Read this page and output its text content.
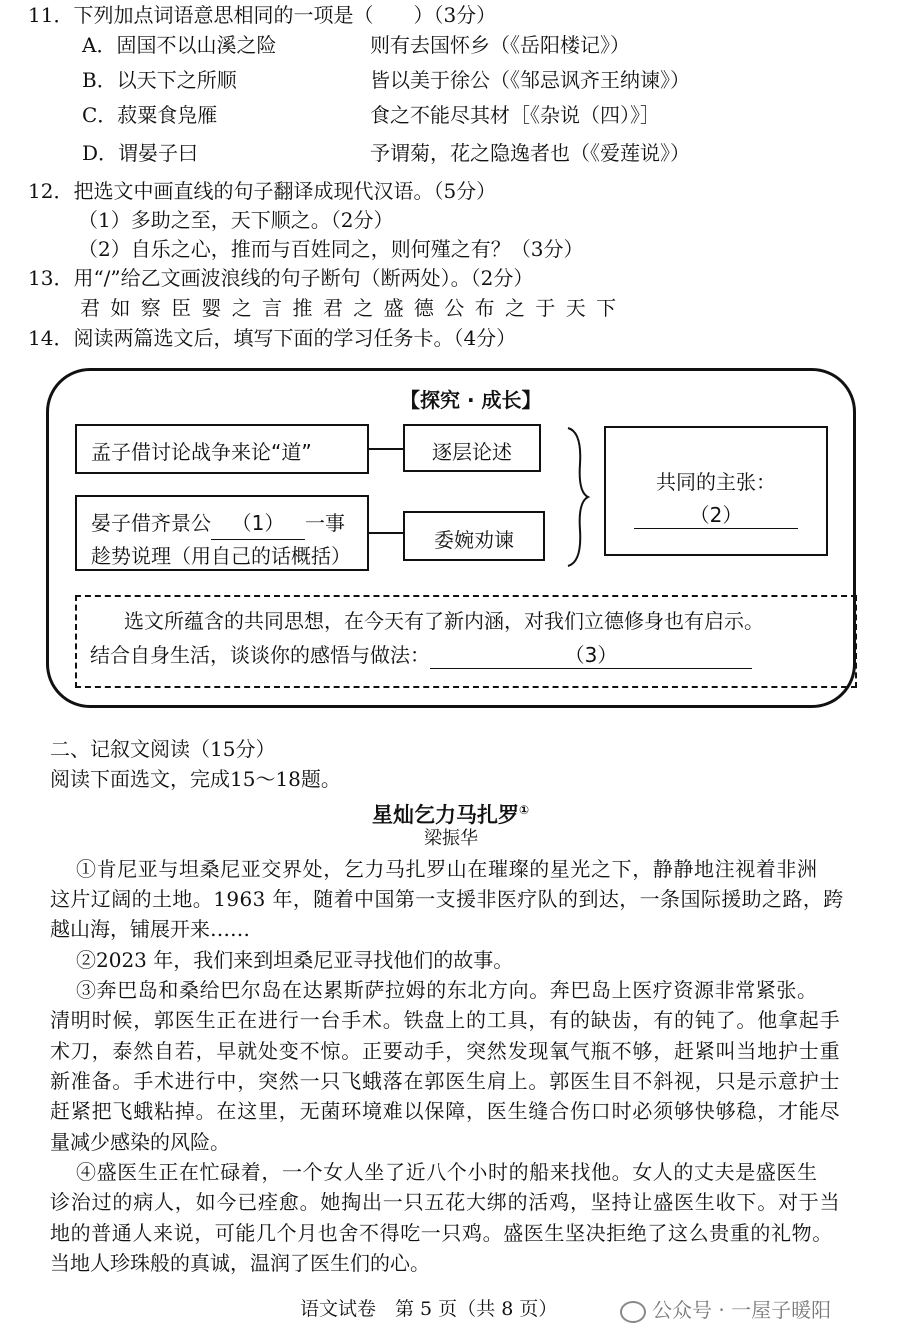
11．下列加点词语意思相同的一项是（　　）（3分）
A．固国不以山溪之险	则有去国怀乡（《岳阳楼记》）
B．以天下之所顺	皆以美于徐公（《邹忌讽齐王纳谏》）
C．菽粟食凫雁	食之不能尽其材［《杂说（四）》］
D．谓晏子曰	予谓菊，花之隐逸者也（《爱莲说》）
12．把选文中画直线的句子翻译成现代汉语。（5分）
（1）多助之至，天下顺之。（2分）
（2）自乐之心，推而与百姓同之，则何殣之有？（3分）
13．用“/”给乙文画波浪线的句子断句（断两处）。（2分）
君 如 察 臣 婴 之 言 推 君 之 盛 德 公 布 之 于 天 下
14．阅读两篇选文后，填写下面的学习任务卡。（4分）
【探究 · 成长】
孟子借讨论战争来论“道”	逐层论述
晏子借齐景公 （1） 一事
趁势说理（用自己的话概括）
委婉劝谏
共同的主张：
（2）
选文所蕴含的共同思想，在今天有了新内涵，对我们立德修身也有启示。
结合自身生活，谈谈你的感悟与做法：	（3）
二、记叙文阅读（15分）
阅读下面选文，完成15～18题。
星灿乞力马扎罗①
梁振华
①肯尼亚与坦桑尼亚交界处，乞力马扎罗山在璀璨的星光之下，静静地注视着非洲
这片辽阔的土地。1963 年，随着中国第一支援非医疗队的到达，一条国际援助之路，跨
越山海，铺展开来……
②2023 年，我们来到坦桑尼亚寻找他们的故事。
③奔巴岛和桑给巴尔岛在达累斯萨拉姆的东北方向。奔巴岛上医疗资源非常紧张。
清明时候，郭医生正在进行一台手术。铁盘上的工具，有的缺齿，有的钝了。他拿起手
术刀，泰然自若，早就处变不惊。正要动手，突然发现氧气瓶不够，赶紧叫当地护士重
新准备。手术进行中，突然一只飞蛾落在郭医生肩上。郭医生目不斜视，只是示意护士
赶紧把飞蛾粘掉。在这里，无菌环境难以保障，医生缝合伤口时必须够快够稳，才能尽
量减少感染的风险。
④盛医生正在忙碌着，一个女人坐了近八个小时的船来找他。女人的丈夫是盛医生
诊治过的病人，如今已痊愈。她掏出一只五花大绑的活鸡，坚持让盛医生收下。对于当
地的普通人来说，可能几个月也舍不得吃一只鸡。盛医生坚决拒绝了这么贵重的礼物。
当地人珍珠般的真诚，温润了医生们的心。
语文试卷　第 5 页（共 8 页）	公众号 · 一屋子暖阳
